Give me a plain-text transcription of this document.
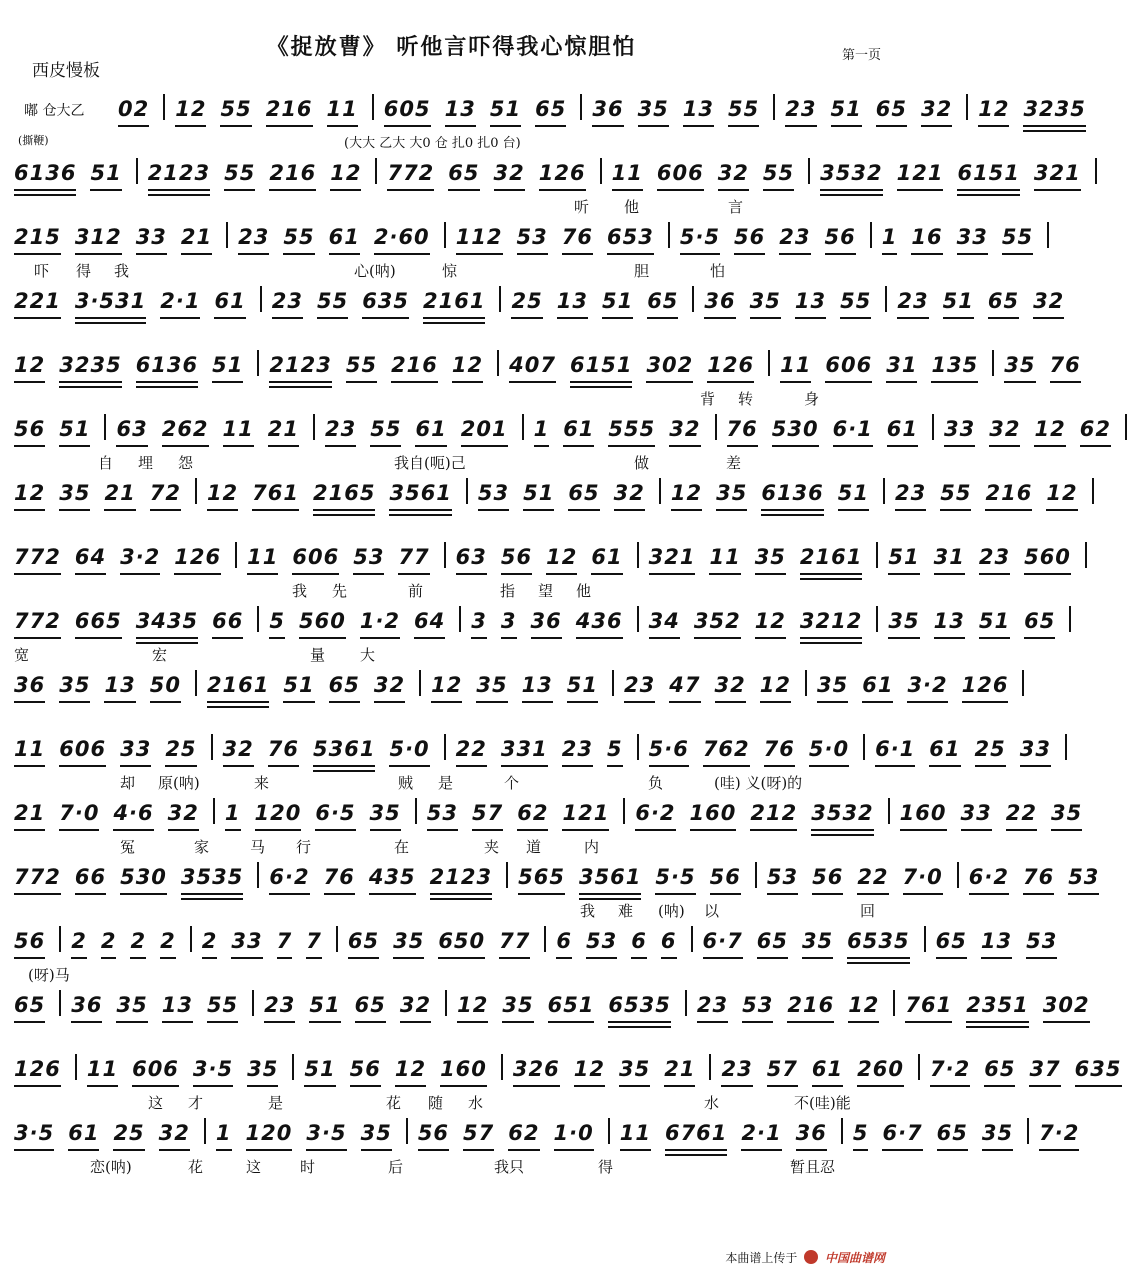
《捉放曹》 听他言吓得我心惊胆怕
西皮慢板
第一页
02 12 55 216 11 605 13 51 65 36 35 13 55 23 51 65 32 12 3235
嘟 仓大乙
(撕鞭)	(大大 乙大 大0 仓 扎0 扎0 台)
6136 51 2123 55 216 12 772 65 32 126 11 606 32 55 3532 121 6151 321
听 他	言
215 312 33 21 23 55 61 2·60 112 53 76 653 5·5 56 23 56 1 16 33 55
吓 得 我	心(呐)	惊	胆	怕
221 3·531 2·1 61 23 55 635 2161 25 13 51 65 36 35 13 55 23 51 65 32
12 3235 6136 51 2123 55 216 12 407 6151 302 126 11 606 31 135 35 76
背 转	身
56 51 63 262 11 21 23 55 61 201 1 61 555 32 76 530 6·1 61 33 32 12 62
自 埋 怨	我自(呃)己	做	差
12 35 21 72 12 761 2165 3561 53 51 65 32 12 35 6136 51 23 55 216 12
772 64 3·2 126 11 606 53 77 63 56 12 61 321 11 35 2161 51 31 23 560
我 先	前	指 望 他
772 665 3435 66 5 560 1·2 64 3 3 36 436 34 352 12 3212 35 13 51 65
宽	宏	量 大
36 35 13 50 2161 51 65 32 12 35 13 51 23 47 32 12 35 61 3·2 126
11 606 33 25 32 76 5361 5·0 22 331 23 5 5·6 762 76 5·0 6·1 61 25 33
却 原(呐)	来	贼 是	个	负	(哇) 义(呀)的
21 7·0 4·6 32 1 120 6·5 35 53 57 62 121 6·2 160 212 3532 160 33 22 35
冤	家	马 行	在	夹 道	内
772 66 530 3535 6·2 76 435 2123 565 3561 5·5 56 53 56 22 7·0 6·2 76 53
我 难 (呐) 以	回
56 2 2 2 2 2 33 7 7 65 35 650 77 6 53 6 6 6·7 65 35 6535 65 13 53
(呀)马
65 36 35 13 55 23 51 65 32 12 35 651 6535 23 53 216 12 761 2351 302
126 11 606 3·5 35 51 56 12 160 326 12 35 21 23 57 61 260 7·2 65 37 635
这 才	是	花 随 水	水	不(哇)能
3·5 61 25 32 1 120 3·5 35 56 57 62 1·0 11 6761 2·1 36 5 6·7 65 35 7·2
恋(呐)	花	这	时	后	我只	得	暂且忍
本曲谱上传于 中国曲谱网
